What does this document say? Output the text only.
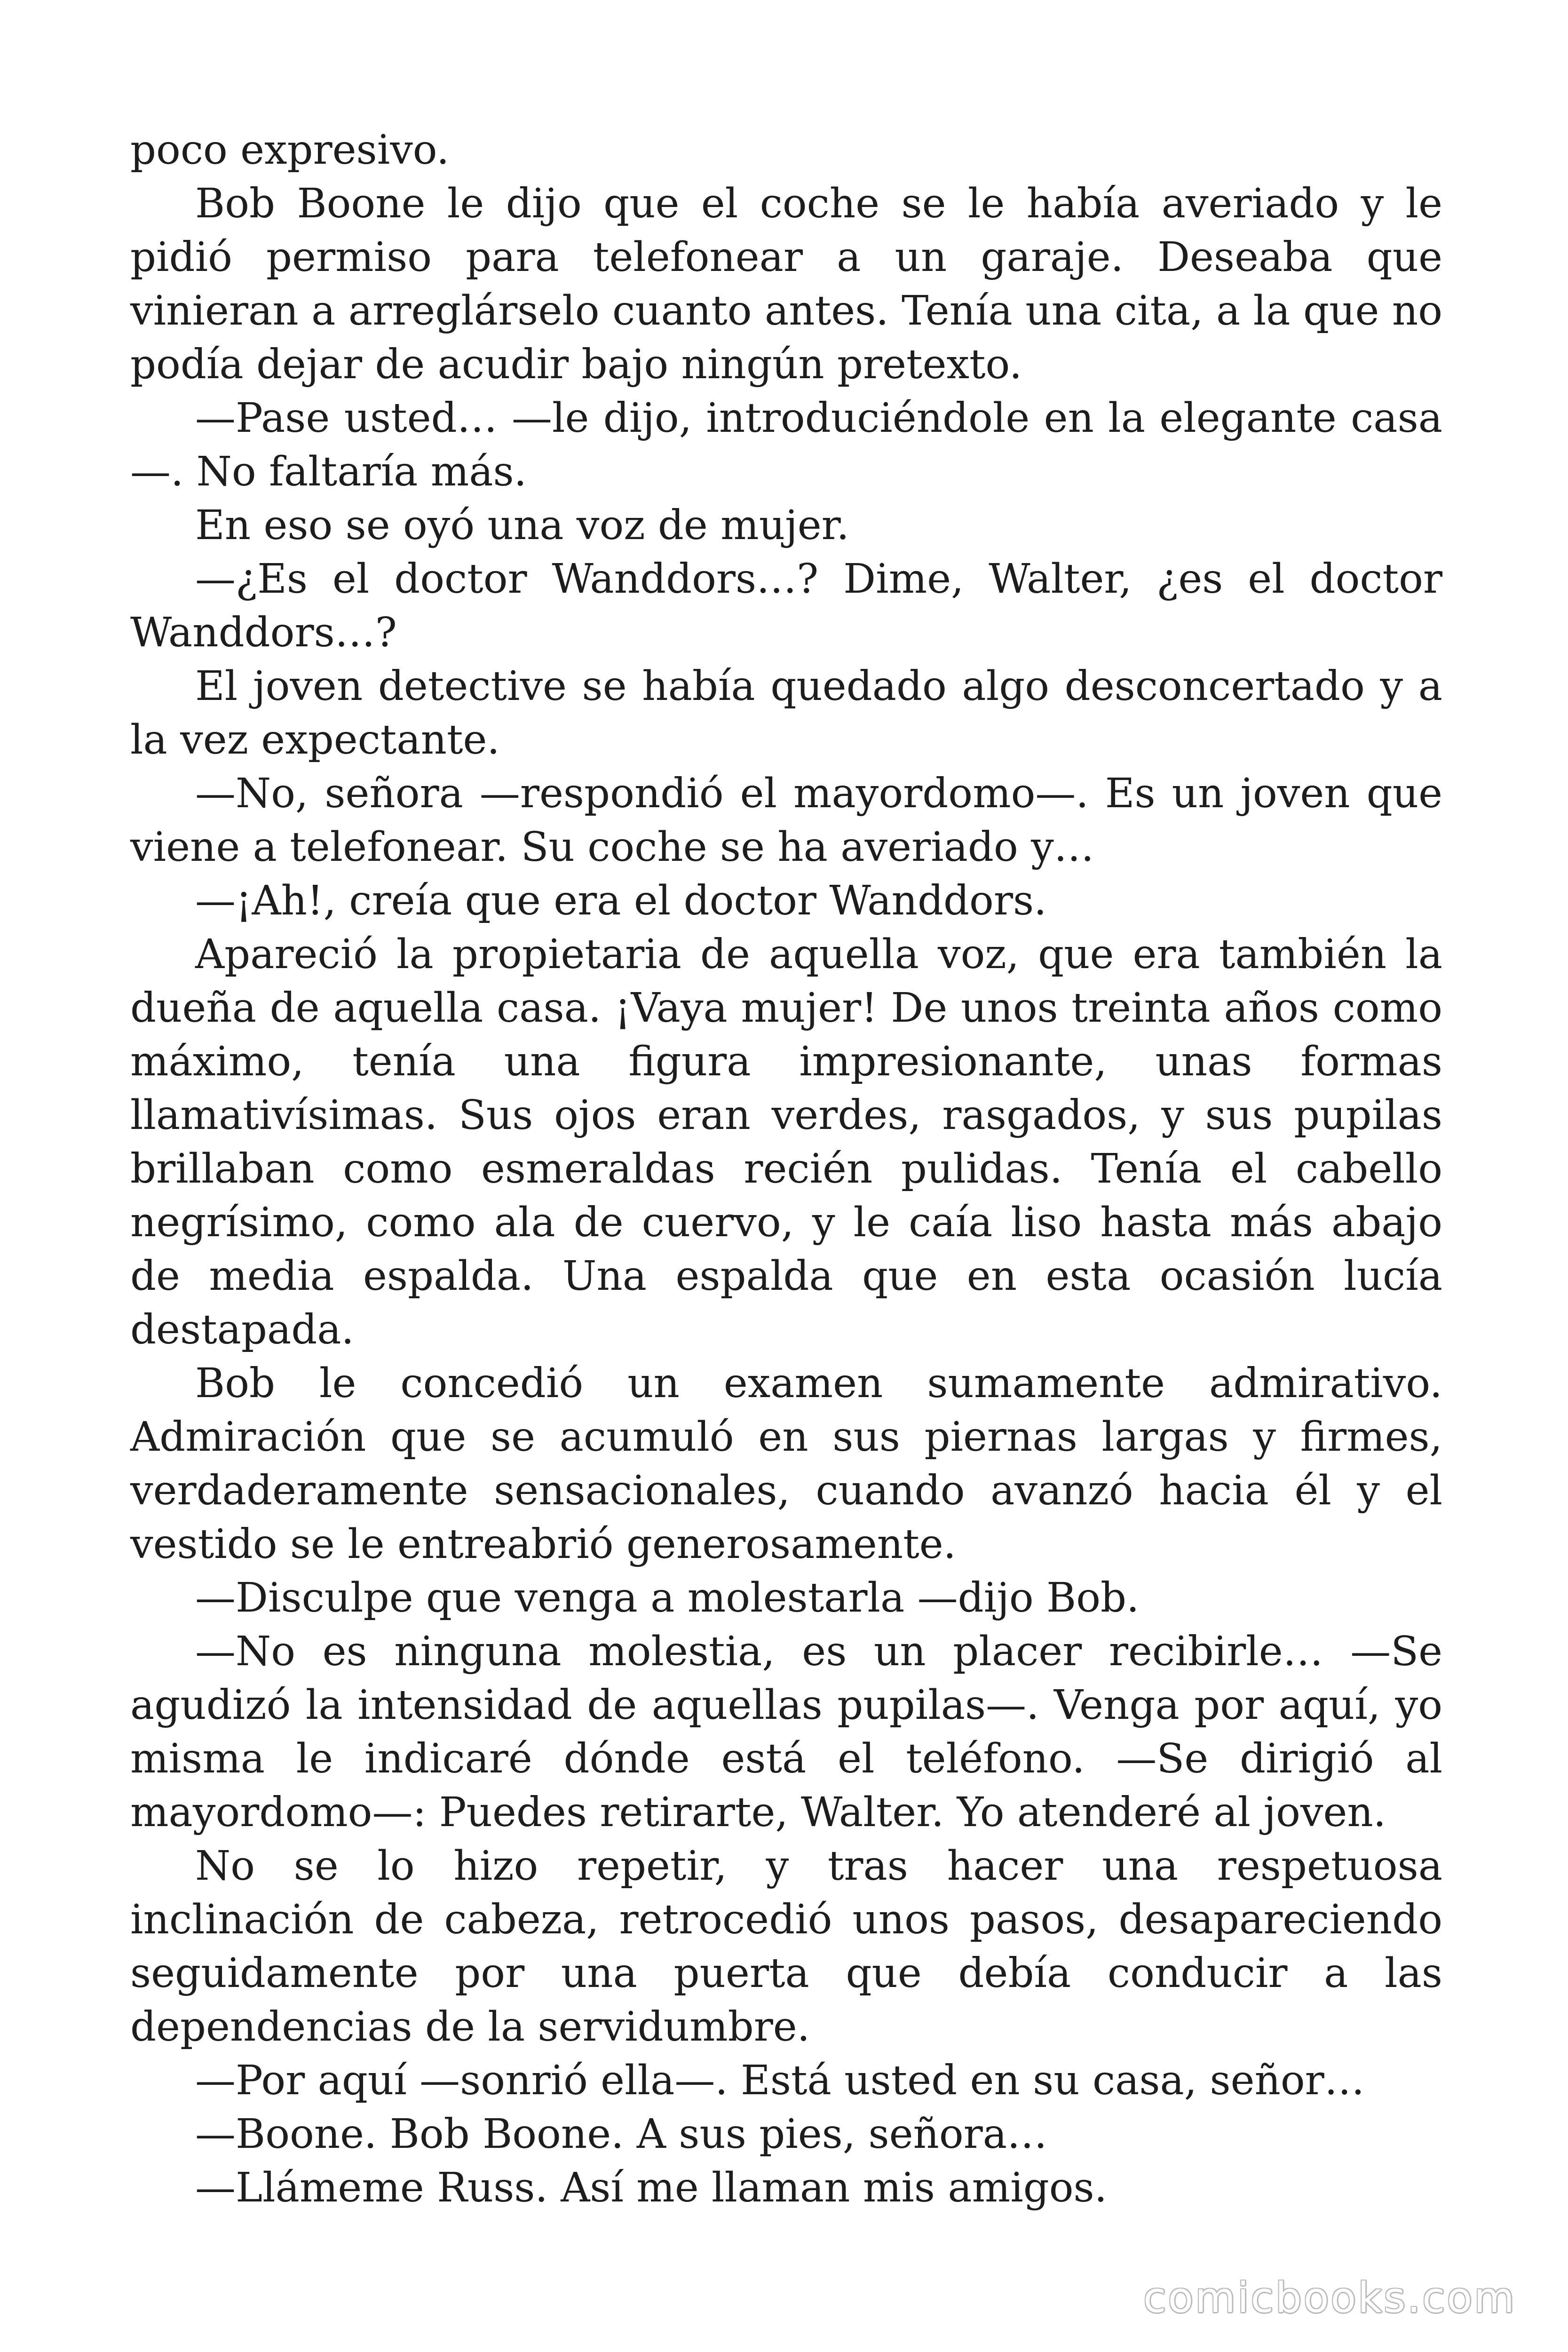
poco expresivo.

Bob Boone le dijo que el coche se le había averiado y le pidió permiso para telefonear a un garaje. Deseaba que vinieran a arreglárselo cuanto antes. Tenía una cita, a la que no podía dejar de acudir bajo ningún pretexto.

—Pase usted… —le dijo, introduciéndole en la elegante casa—. No faltaría más.

En eso se oyó una voz de mujer.

—¿Es el doctor Wanddors…? Dime, Walter, ¿es el doctor Wanddors…?

El joven detective se había quedado algo desconcertado y a la vez expectante.

—No, señora —respondió el mayordomo—. Es un joven que viene a telefonear. Su coche se ha averiado y…

—¡Ah!, creía que era el doctor Wanddors.

Apareció la propietaria de aquella voz, que era también la dueña de aquella casa. ¡Vaya mujer! De unos treinta años como máximo, tenía una figura impresionante, unas formas llamativísimas. Sus ojos eran verdes, rasgados, y sus pupilas brillaban como esmeraldas recién pulidas. Tenía el cabello negrísimo, como ala de cuervo, y le caía liso hasta más abajo de media espalda. Una espalda que en esta ocasión lucía destapada.

Bob le concedió un examen sumamente admirativo. Admiración que se acumuló en sus piernas largas y firmes, verdaderamente sensacionales, cuando avanzó hacia él y el vestido se le entreabrió generosamente.

—Disculpe que venga a molestarla —dijo Bob.

—No es ninguna molestia, es un placer recibirle… —Se agudizó la intensidad de aquellas pupilas—. Venga por aquí, yo misma le indicaré dónde está el teléfono. —Se dirigió al mayordomo—: Puedes retirarte, Walter. Yo atenderé al joven.

No se lo hizo repetir, y tras hacer una respetuosa inclinación de cabeza, retrocedió unos pasos, desapareciendo seguidamente por una puerta que debía conducir a las dependencias de la servidumbre.

—Por aquí —sonrió ella—. Está usted en su casa, señor…

—Boone. Bob Boone. A sus pies, señora…

—Llámeme Russ. Así me llaman mis amigos.

comicbooks.com
